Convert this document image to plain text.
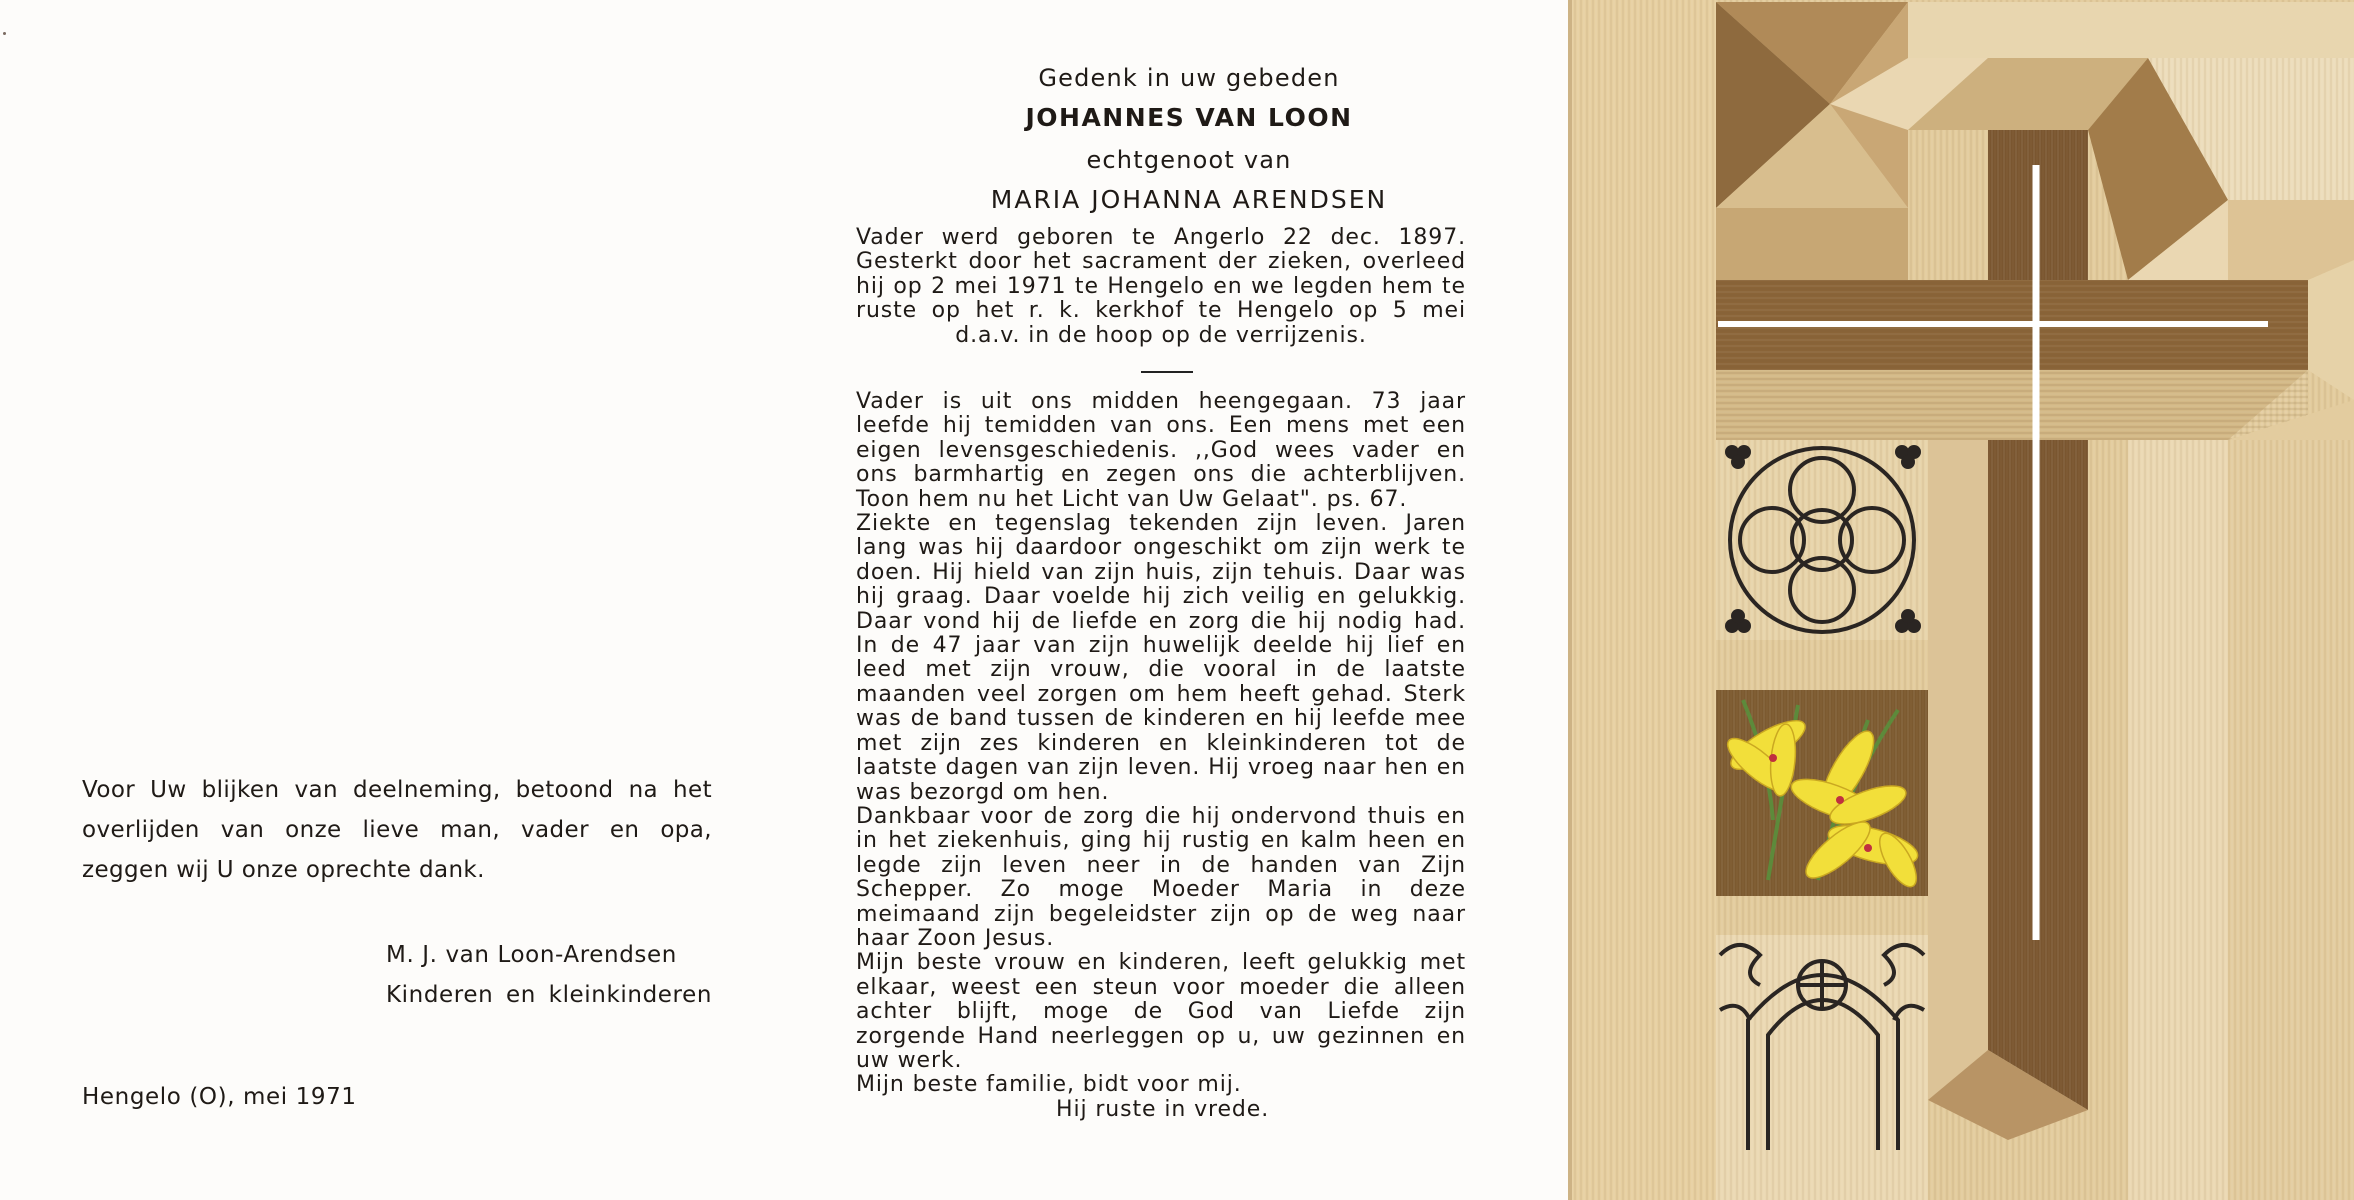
Voor Uw blijken van deelneming, betoond na het overlijden van onze lieve man, vader en opa, zeggen wij U onze oprechte dank.
M. J. van Loon-Arendsen
Kinderen en kleinkinderen
Hengelo (O), mei 1971
Gedenk in uw gebeden
JOHANNES VAN LOON
echtgenoot van
MARIA JOHANNA ARENDSEN

Vader werd geboren te Angerlo 22 dec. 1897. Gesterkt door het sacrament der zieken, overleed hij op 2 mei 1971 te Hengelo en we legden hem te ruste op het r. k. kerkhof te Hengelo op 5 mei d.a.v. in de hoop op de verrijzenis.

Vader is uit ons midden heengegaan. 73 jaar leefde hij temidden van ons. Een mens met een eigen levensgeschiedenis. ,,God wees vader en ons barmhartig en zegen ons die achterblijven. Toon hem nu het Licht van Uw Gelaat". ps. 67.

Ziekte en tegenslag tekenden zijn leven. Jaren lang was hij daardoor ongeschikt om zijn werk te doen. Hij hield van zijn huis, zijn tehuis. Daar was hij graag. Daar voelde hij zich veilig en gelukkig. Daar vond hij de liefde en zorg die hij nodig had. In de 47 jaar van zijn huwelijk deelde hij lief en leed met zijn vrouw, die vooral in de laatste maanden veel zorgen om hem heeft gehad. Sterk was de band tussen de kinderen en hij leefde mee met zijn zes kinderen en kleinkinderen tot de laatste dagen van zijn leven. Hij vroeg naar hen en was bezorgd om hen.

Dankbaar voor de zorg die hij ondervond thuis en in het ziekenhuis, ging hij rustig en kalm heen en legde zijn leven neer in de handen van Zijn Schepper. Zo moge Moeder Maria in deze meimaand zijn begeleidster zijn op de weg naar haar Zoon Jesus.

Mijn beste vrouw en kinderen, leeft gelukkig met elkaar, weest een steun voor moeder die alleen achter blijft, moge de God van Liefde zijn zorgende Hand neerleggen op u, uw gezinnen en uw werk.

Mijn beste familie, bidt voor mij.

Hij ruste in vrede.
